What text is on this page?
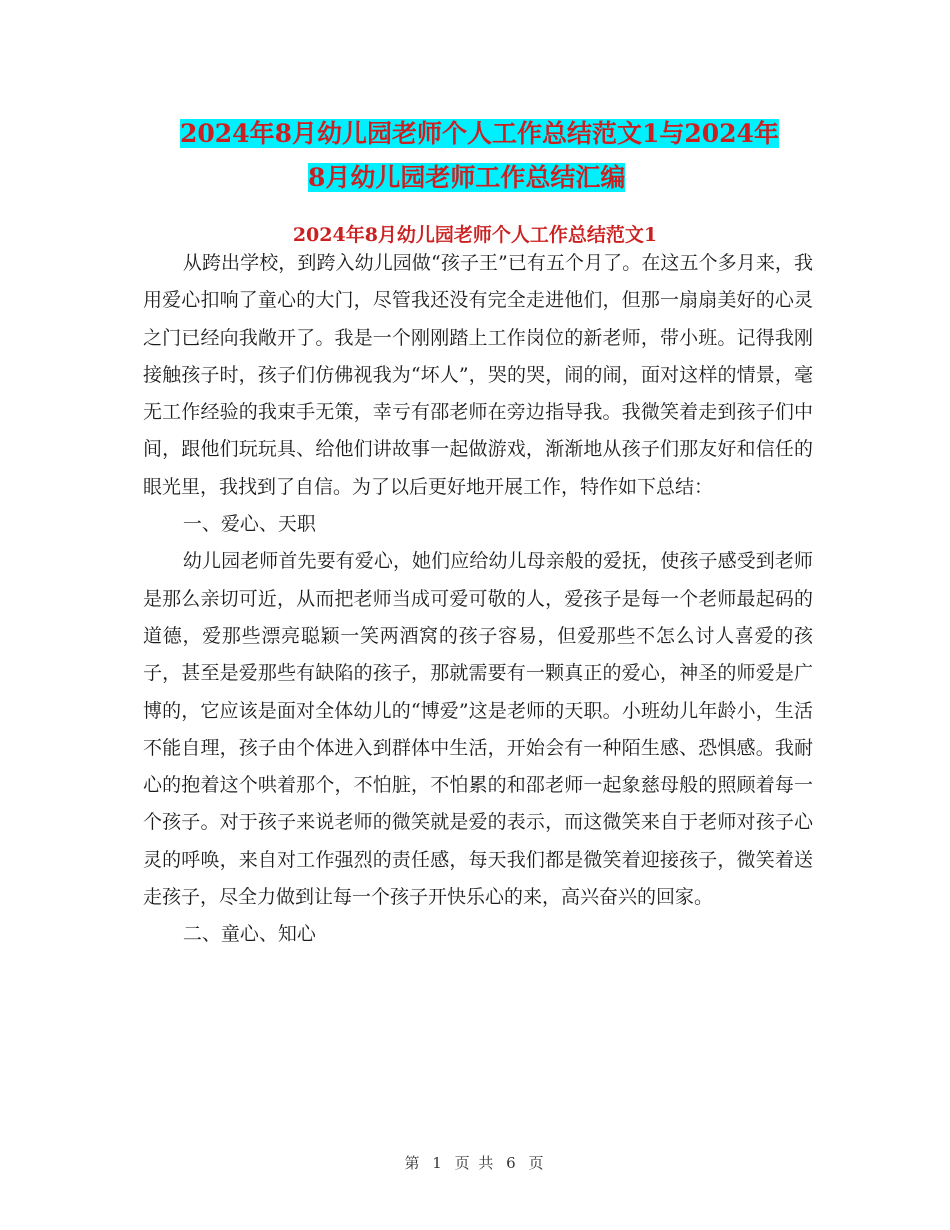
2024年8月幼儿园老师个人工作总结范文1与2024年
8月幼儿园老师工作总结汇编
2024年8月幼儿园老师个人工作总结范文1

从跨出学校，到跨入幼儿园做“孩子王”已有五个月了。在这五个多月来，我用爱心扣响了童心的大门，尽管我还没有完全走进他们，但那一扇扇美好的心灵之门已经向我敞开了。我是一个刚刚踏上工作岗位的新老师，带小班。记得我刚接触孩子时，孩子们仿佛视我为“坏人”，哭的哭，闹的闹，面对这样的情景，毫无工作经验的我束手无策，幸亏有邵老师在旁边指导我。我微笑着走到孩子们中间，跟他们玩玩具、给他们讲故事一起做游戏，渐渐地从孩子们那友好和信任的眼光里，我找到了自信。为了以后更好地开展工作，特作如下总结：

一、爱心、天职

幼儿园老师首先要有爱心，她们应给幼儿母亲般的爱抚，使孩子感受到老师是那么亲切可近，从而把老师当成可爱可敬的人，爱孩子是每一个老师最起码的道德，爱那些漂亮聪颖一笑两酒窝的孩子容易，但爱那些不怎么讨人喜爱的孩子，甚至是爱那些有缺陷的孩子，那就需要有一颗真正的爱心，神圣的师爱是广博的，它应该是面对全体幼儿的“博爱”这是老师的天职。小班幼儿年龄小，生活不能自理，孩子由个体进入到群体中生活，开始会有一种陌生感、恐惧感。我耐心的抱着这个哄着那个，不怕脏，不怕累的和邵老师一起象慈母般的照顾着每一个孩子。对于孩子来说老师的微笑就是爱的表示，而这微笑来自于老师对孩子心灵的呼唤，来自对工作强烈的责任感，每天我们都是微笑着迎接孩子，微笑着送走孩子，尽全力做到让每一个孩子开快乐心的来，高兴奋兴的回家。

二、童心、知心

第 1 页 共 6 页
